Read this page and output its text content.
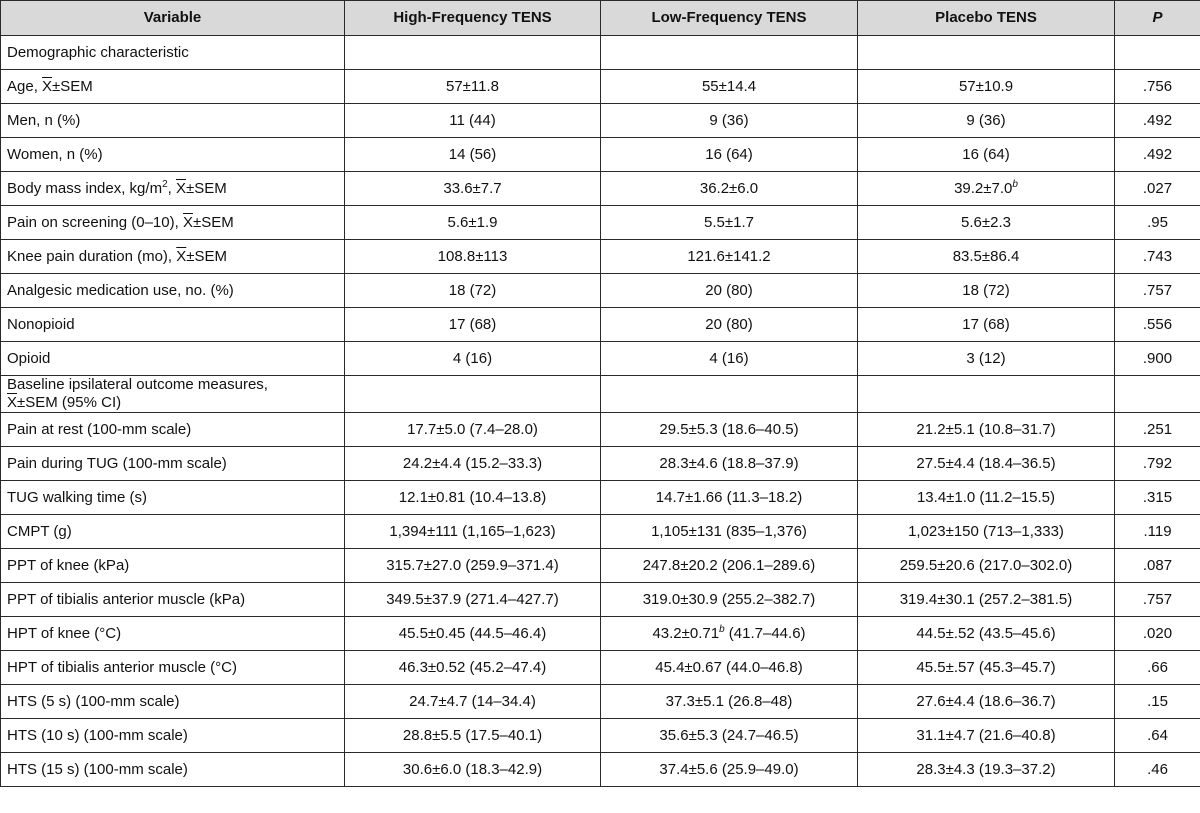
Variable	High-Frequency TENS	Low-Frequency TENS	Placebo TENS	P
Demographic characteristic				
Age, $\overline{X}\pm SEM$	57±11.8	55±14.4	57±10.9	.756
Men, n (%)	11 (44)	9 (36)	9 (36)	.492
Women, n (%)	14 (56)	16 (64)	16 (64)	.492
Body mass index, $kg/m^2$, $\overline{X}\pm SEM$	33.6±7.7	36.2±6.0	39.2±7.0$^b$	.027
Pain on screening (0–10), $\overline{X}\pm SEM$	5.6±1.9	5.5±1.7	5.6±2.3	.95
Knee pain duration (mo), $\overline{X}\pm SEM$	108.8±113	121.6±141.2	83.5±86.4	.743
Analgesic medication use, no. (%)	18 (72)	20 (80)	18 (72)	.757
Nonopioid	17 (68)	20 (80)	17 (68)	.556
Opioid	4 (16)	4 (16)	3 (12)	.900
Baseline ipsilateral outcome measures,
$\overline{X}\pm SEM$ (95% CI)				
Pain at rest (100-mm scale)	17.7±5.0 (7.4–28.0)	29.5±5.3 (18.6–40.5)	21.2±5.1 (10.8–31.7)	.251
Pain during TUG (100-mm scale)	24.2±4.4 (15.2–33.3)	28.3±4.6 (18.8–37.9)	27.5±4.4 (18.4–36.5)	.792
TUG walking time (s)	12.1±0.81 (10.4–13.8)	14.7±1.66 (11.3–18.2)	13.4±1.0 (11.2–15.5)	.315
CMPT (g)	1,394±111 (1,165–1,623)	1,105±131 (835–1,376)	1,023±150 (713–1,333)	.119
PPT of knee (kPa)	315.7±27.0 (259.9–371.4)	247.8±20.2 (206.1–289.6)	259.5±20.6 (217.0–302.0)	.087
PPT of tibialis anterior muscle (kPa)	349.5±37.9 (271.4–427.7)	319.0±30.9 (255.2–382.7)	319.4±30.1 (257.2–381.5)	.757
HPT of knee (°C)	45.5±0.45 (44.5–46.4)	43.2±0.71$^b$ (41.7–44.6)	44.5±.52 (43.5–45.6)	.020
HPT of tibialis anterior muscle (°C)	46.3±0.52 (45.2–47.4)	45.4±0.67 (44.0–46.8)	45.5±.57 (45.3–45.7)	.66
HTS (5 s) (100-mm scale)	24.7±4.7 (14–34.4)	37.3±5.1 (26.8–48)	27.6±4.4 (18.6–36.7)	.15
HTS (10 s) (100-mm scale)	28.8±5.5 (17.5–40.1)	35.6±5.3 (24.7–46.5)	31.1±4.7 (21.6–40.8)	.64
HTS (15 s) (100-mm scale)	30.6±6.0 (18.3–42.9)	37.4±5.6 (25.9–49.0)	28.3±4.3 (19.3–37.2)	.46
